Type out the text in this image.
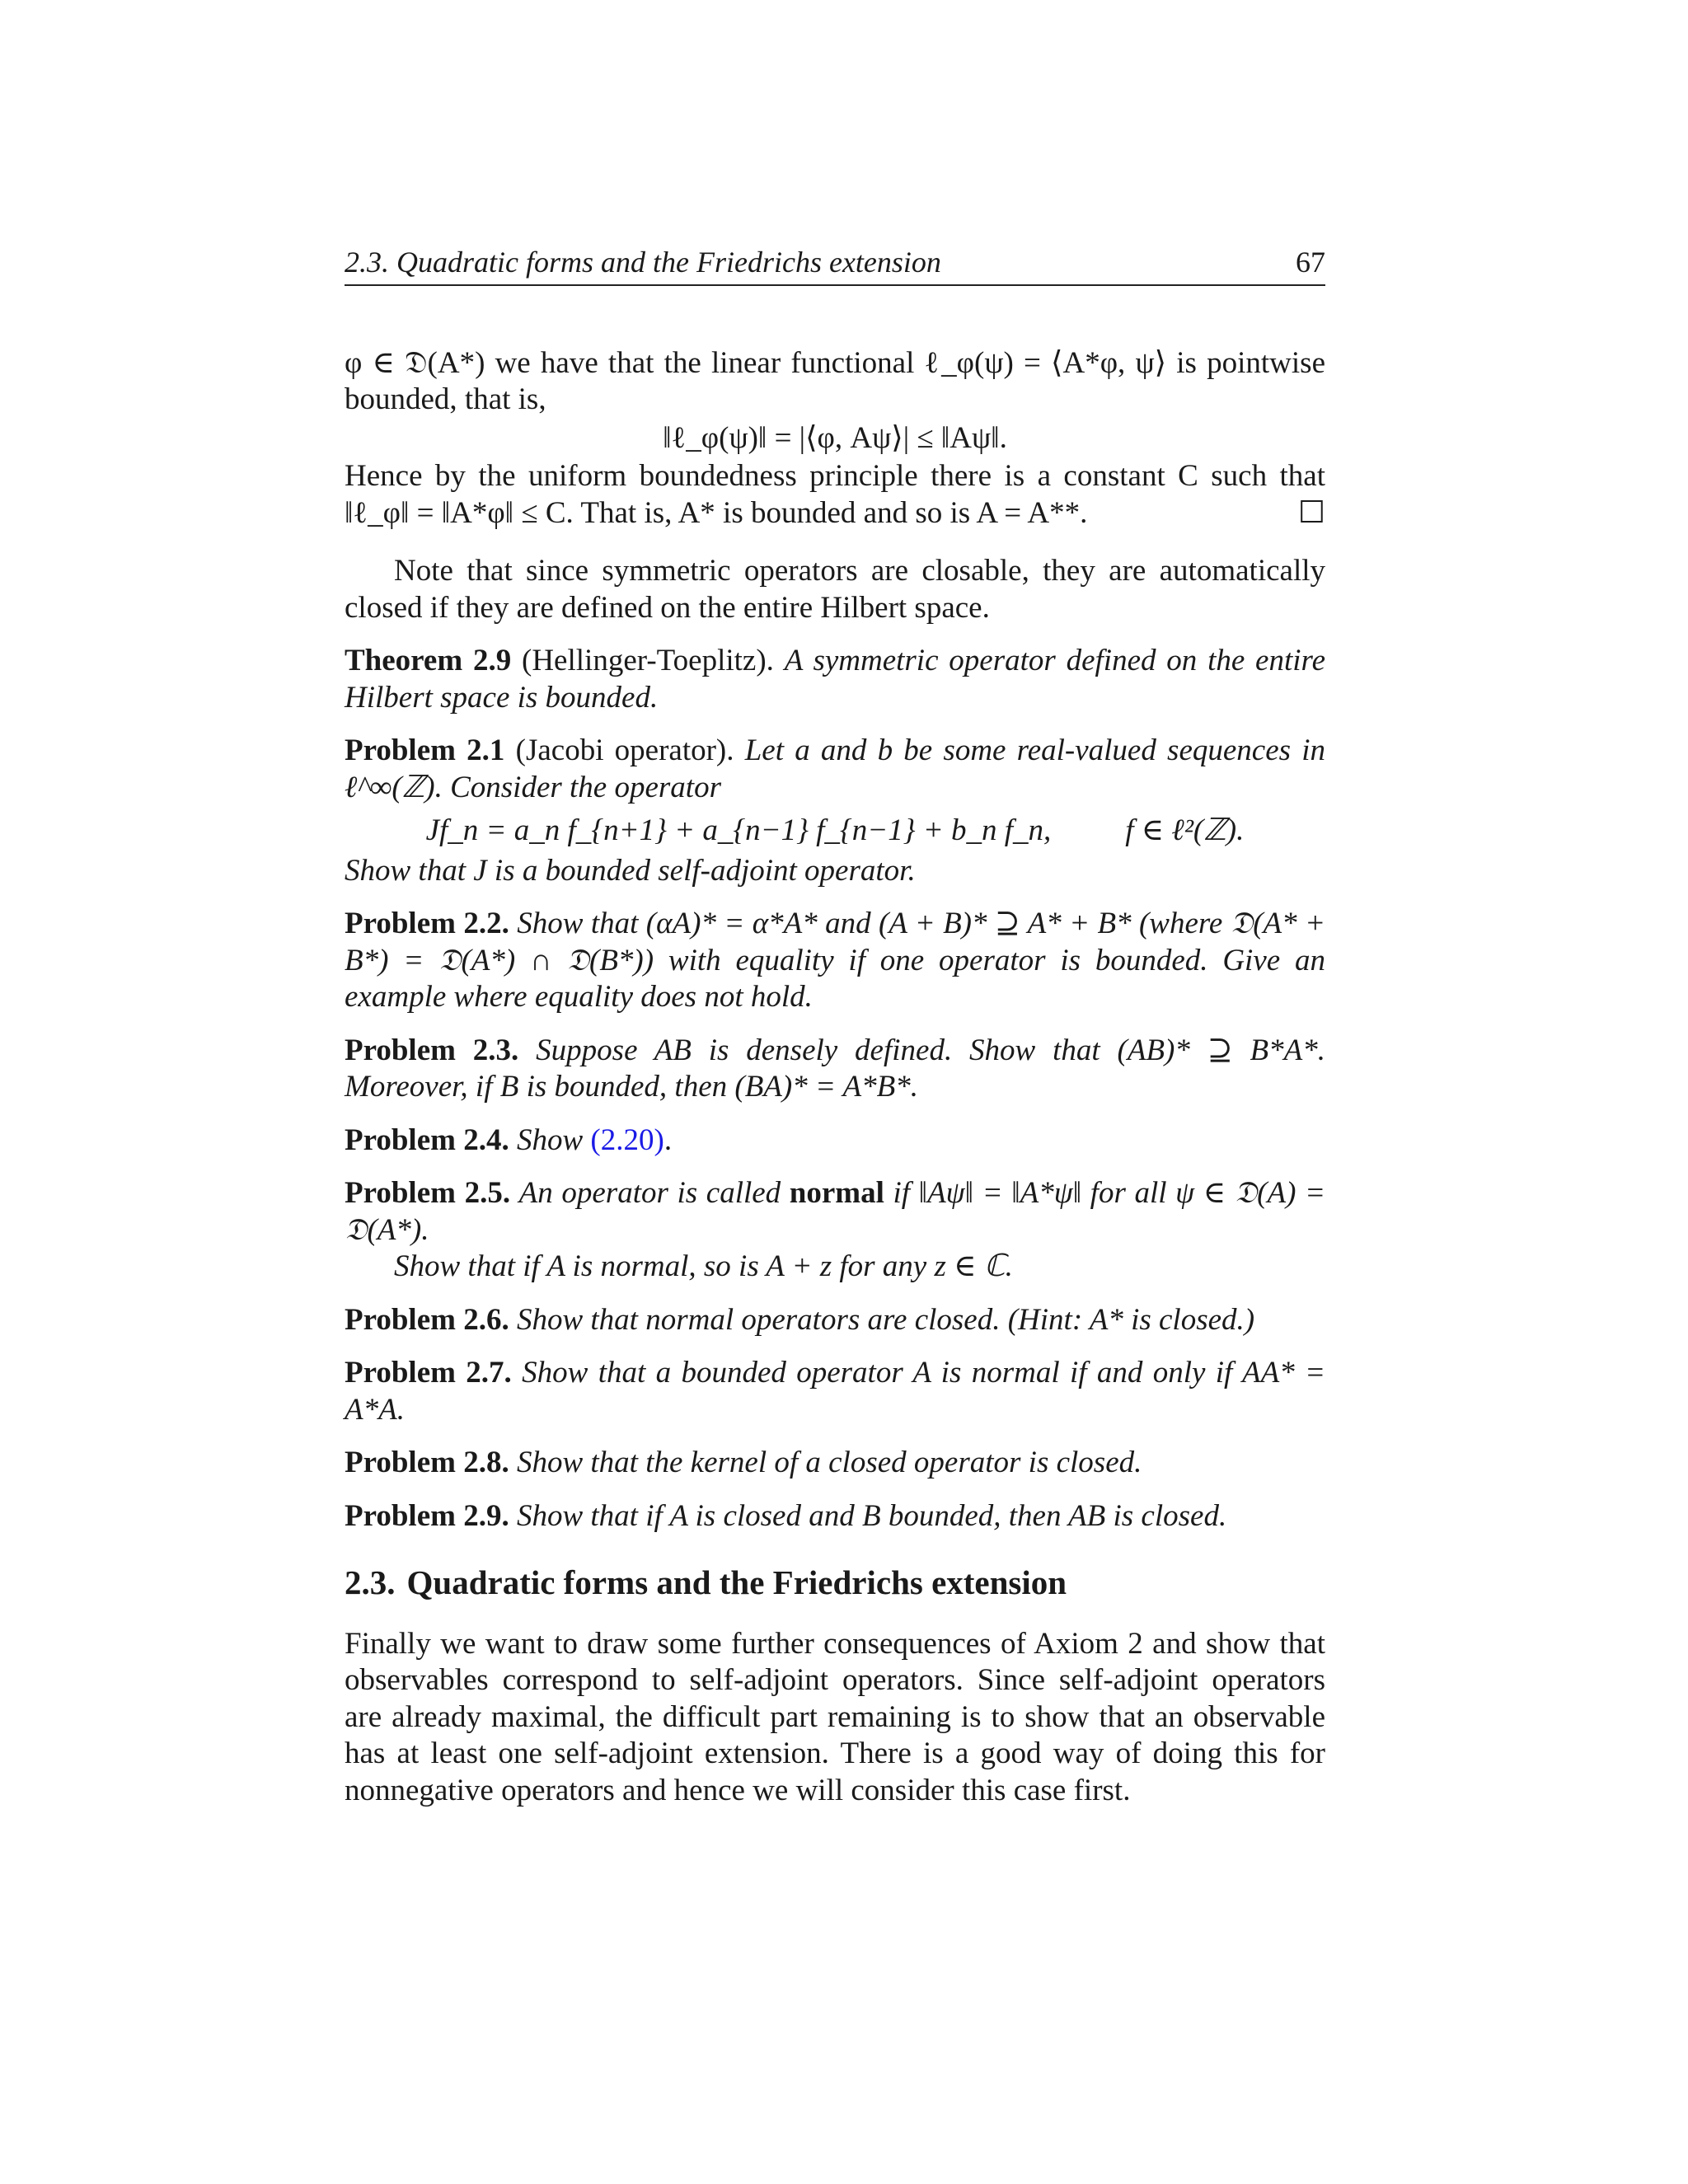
2.3. Quadratic forms and the Friedrichs extension	67

φ ∈ 𝔇(A*) we have that the linear functional ℓ_φ(ψ) = ⟨A*φ, ψ⟩ is pointwise bounded, that is,

‖ℓ_φ(ψ)‖ = |⟨φ, Aψ⟩| ≤ ‖Aψ‖.

Hence by the uniform boundedness principle there is a constant C such that ‖ℓ_φ‖ = ‖A*φ‖ ≤ C. That is, A* is bounded and so is A = A**.	☐

Note that since symmetric operators are closable, they are automatically closed if they are defined on the entire Hilbert space.

Theorem 2.9 (Hellinger-Toeplitz). A symmetric operator defined on the entire Hilbert space is bounded.

Problem 2.1 (Jacobi operator). Let a and b be some real-valued sequences in ℓ^∞(ℤ). Consider the operator

Jf_n = a_n f_{n+1} + a_{n−1} f_{n−1} + b_n f_n, f ∈ ℓ²(ℤ).

Show that J is a bounded self-adjoint operator.

Problem 2.2. Show that (αA)* = α*A* and (A + B)* ⊇ A* + B* (where 𝔇(A* + B*) = 𝔇(A*) ∩ 𝔇(B*)) with equality if one operator is bounded. Give an example where equality does not hold.

Problem 2.3. Suppose AB is densely defined. Show that (AB)* ⊇ B*A*. Moreover, if B is bounded, then (BA)* = A*B*.

Problem 2.4. Show (2.20).

Problem 2.5. An operator is called normal if ‖Aψ‖ = ‖A*ψ‖ for all ψ ∈ 𝔇(A) = 𝔇(A*).

Show that if A is normal, so is A + z for any z ∈ ℂ.

Problem 2.6. Show that normal operators are closed. (Hint: A* is closed.)

Problem 2.7. Show that a bounded operator A is normal if and only if AA* = A*A.

Problem 2.8. Show that the kernel of a closed operator is closed.

Problem 2.9. Show that if A is closed and B bounded, then AB is closed.

2.3. Quadratic forms and the Friedrichs extension

Finally we want to draw some further consequences of Axiom 2 and show that observables correspond to self-adjoint operators. Since self-adjoint operators are already maximal, the difficult part remaining is to show that an observable has at least one self-adjoint extension. There is a good way of doing this for nonnegative operators and hence we will consider this case first.
